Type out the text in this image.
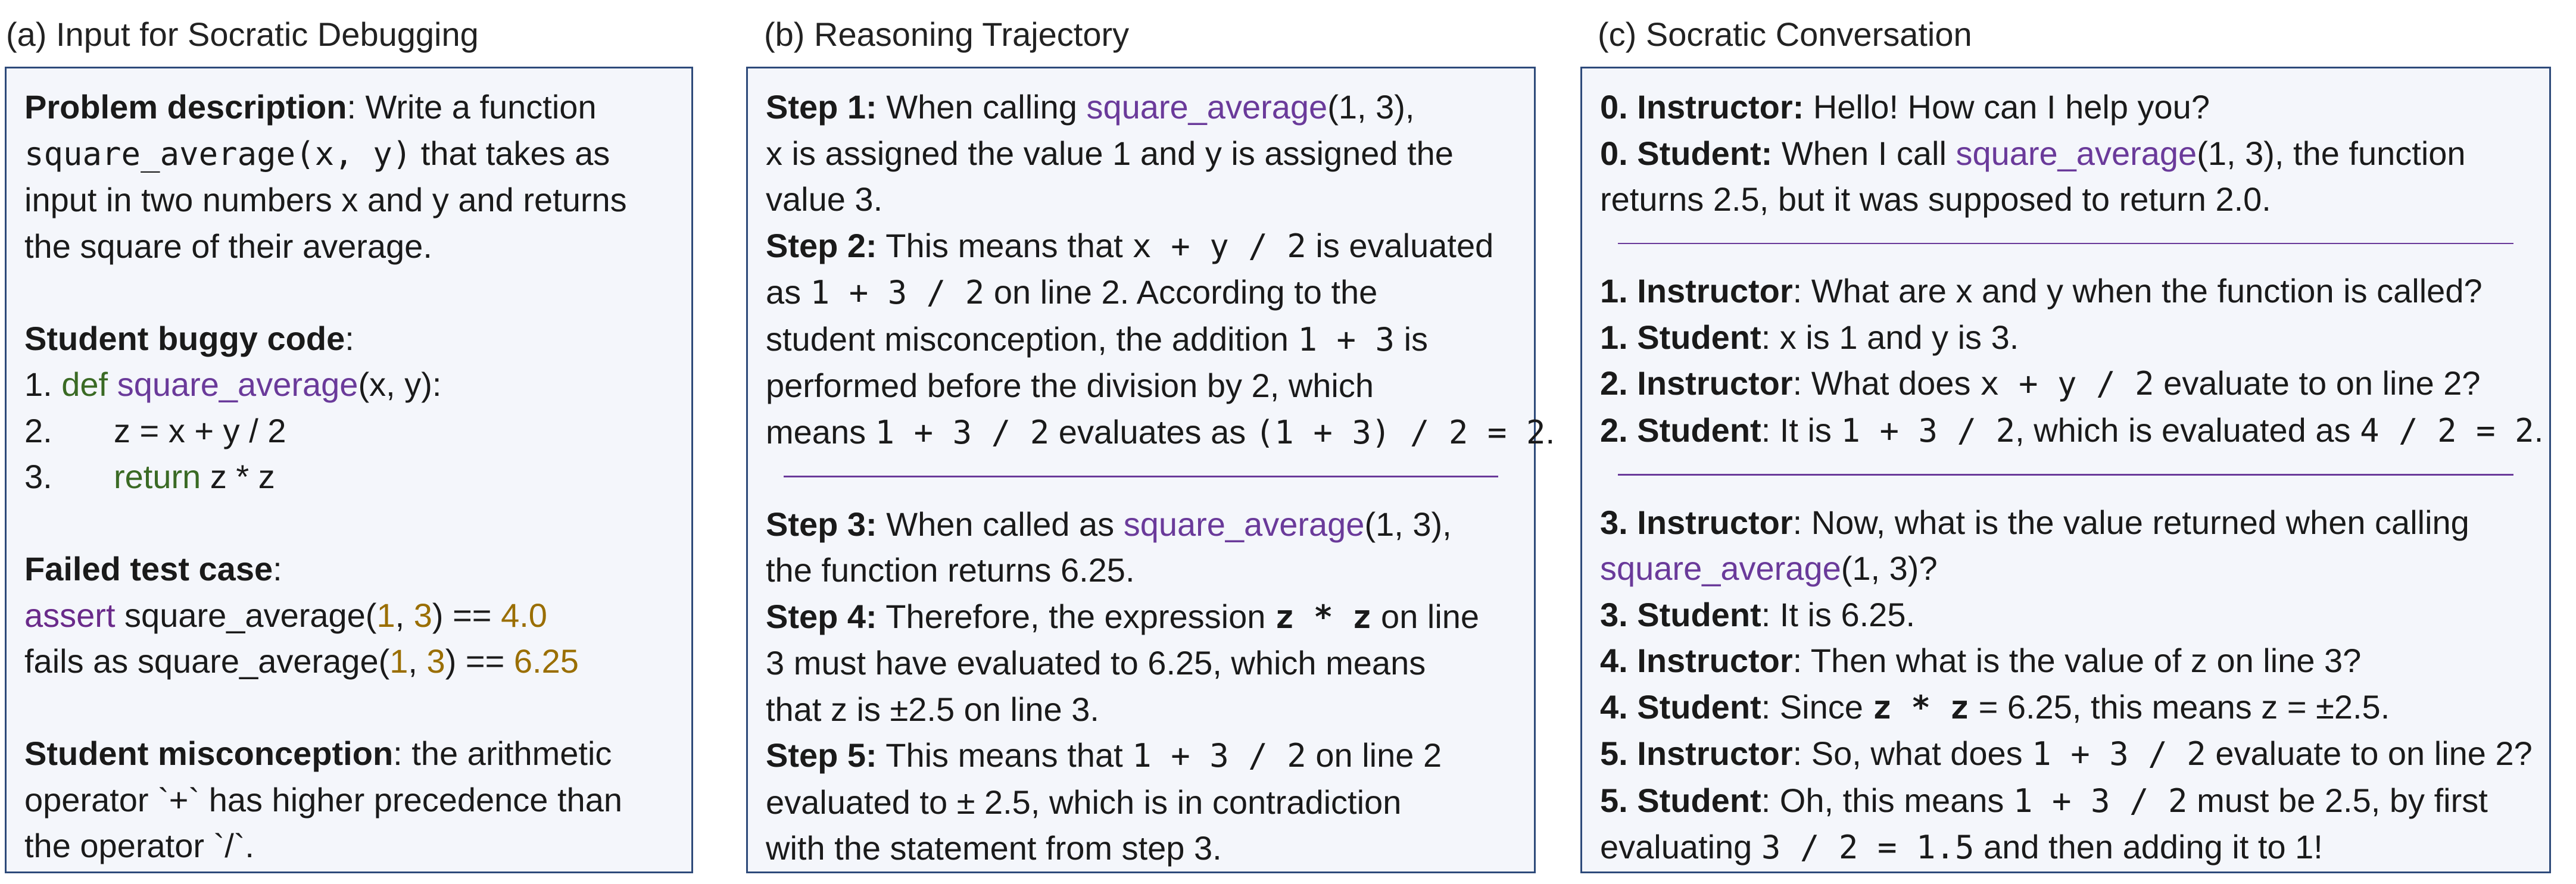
(a) Input for Socratic Debugging	(b) Reasoning Trajectory	(c) Socratic Conversation
Problem description: Write a function
square_average(x, y) that takes as
input in two numbers x and y and returns
the square of their average.
Student buggy code:
1. def square_average(x, y):
2. z = x + y / 2
3. return z * z
Failed test case:
assert square_average(1, 3) == 4.0
fails as square_average(1, 3) == 6.25
Student misconception: the arithmetic
operator `+` has higher precedence than
the operator `/`.
Step 1: When calling square_average(1, 3),
x is assigned the value 1 and y is assigned the
value 3.
Step 2: This means that x + y / 2 is evaluated
as 1 + 3 / 2 on line 2. According to the
student misconception, the addition 1 + 3 is
performed before the division by 2, which
means 1 + 3 / 2 evaluates as (1 + 3) / 2 = 2.
Step 3: When called as square_average(1, 3),
the function returns 6.25.
Step 4: Therefore, the expression z * z on line
3 must have evaluated to 6.25, which means
that z is ±2.5 on line 3.
Step 5: This means that 1 + 3 / 2 on line 2
evaluated to ± 2.5, which is in contradiction
with the statement from step 3.
0. Instructor: Hello! How can I help you?
0. Student: When I call square_average(1, 3), the function
returns 2.5, but it was supposed to return 2.0.
1. Instructor: What are x and y when the function is called?
1. Student: x is 1 and y is 3.
2. Instructor: What does x + y / 2 evaluate to on line 2?
2. Student: It is 1 + 3 / 2, which is evaluated as 4 / 2 = 2.
3. Instructor: Now, what is the value returned when calling
square_average(1, 3)?
3. Student: It is 6.25.
4. Instructor: Then what is the value of z on line 3?
4. Student: Since z * z = 6.25, this means z = ±2.5.
5. Instructor: So, what does 1 + 3 / 2 evaluate to on line 2?
5. Student: Oh, this means 1 + 3 / 2 must be 2.5, by first
evaluating 3 / 2 = 1.5 and then adding it to 1!
